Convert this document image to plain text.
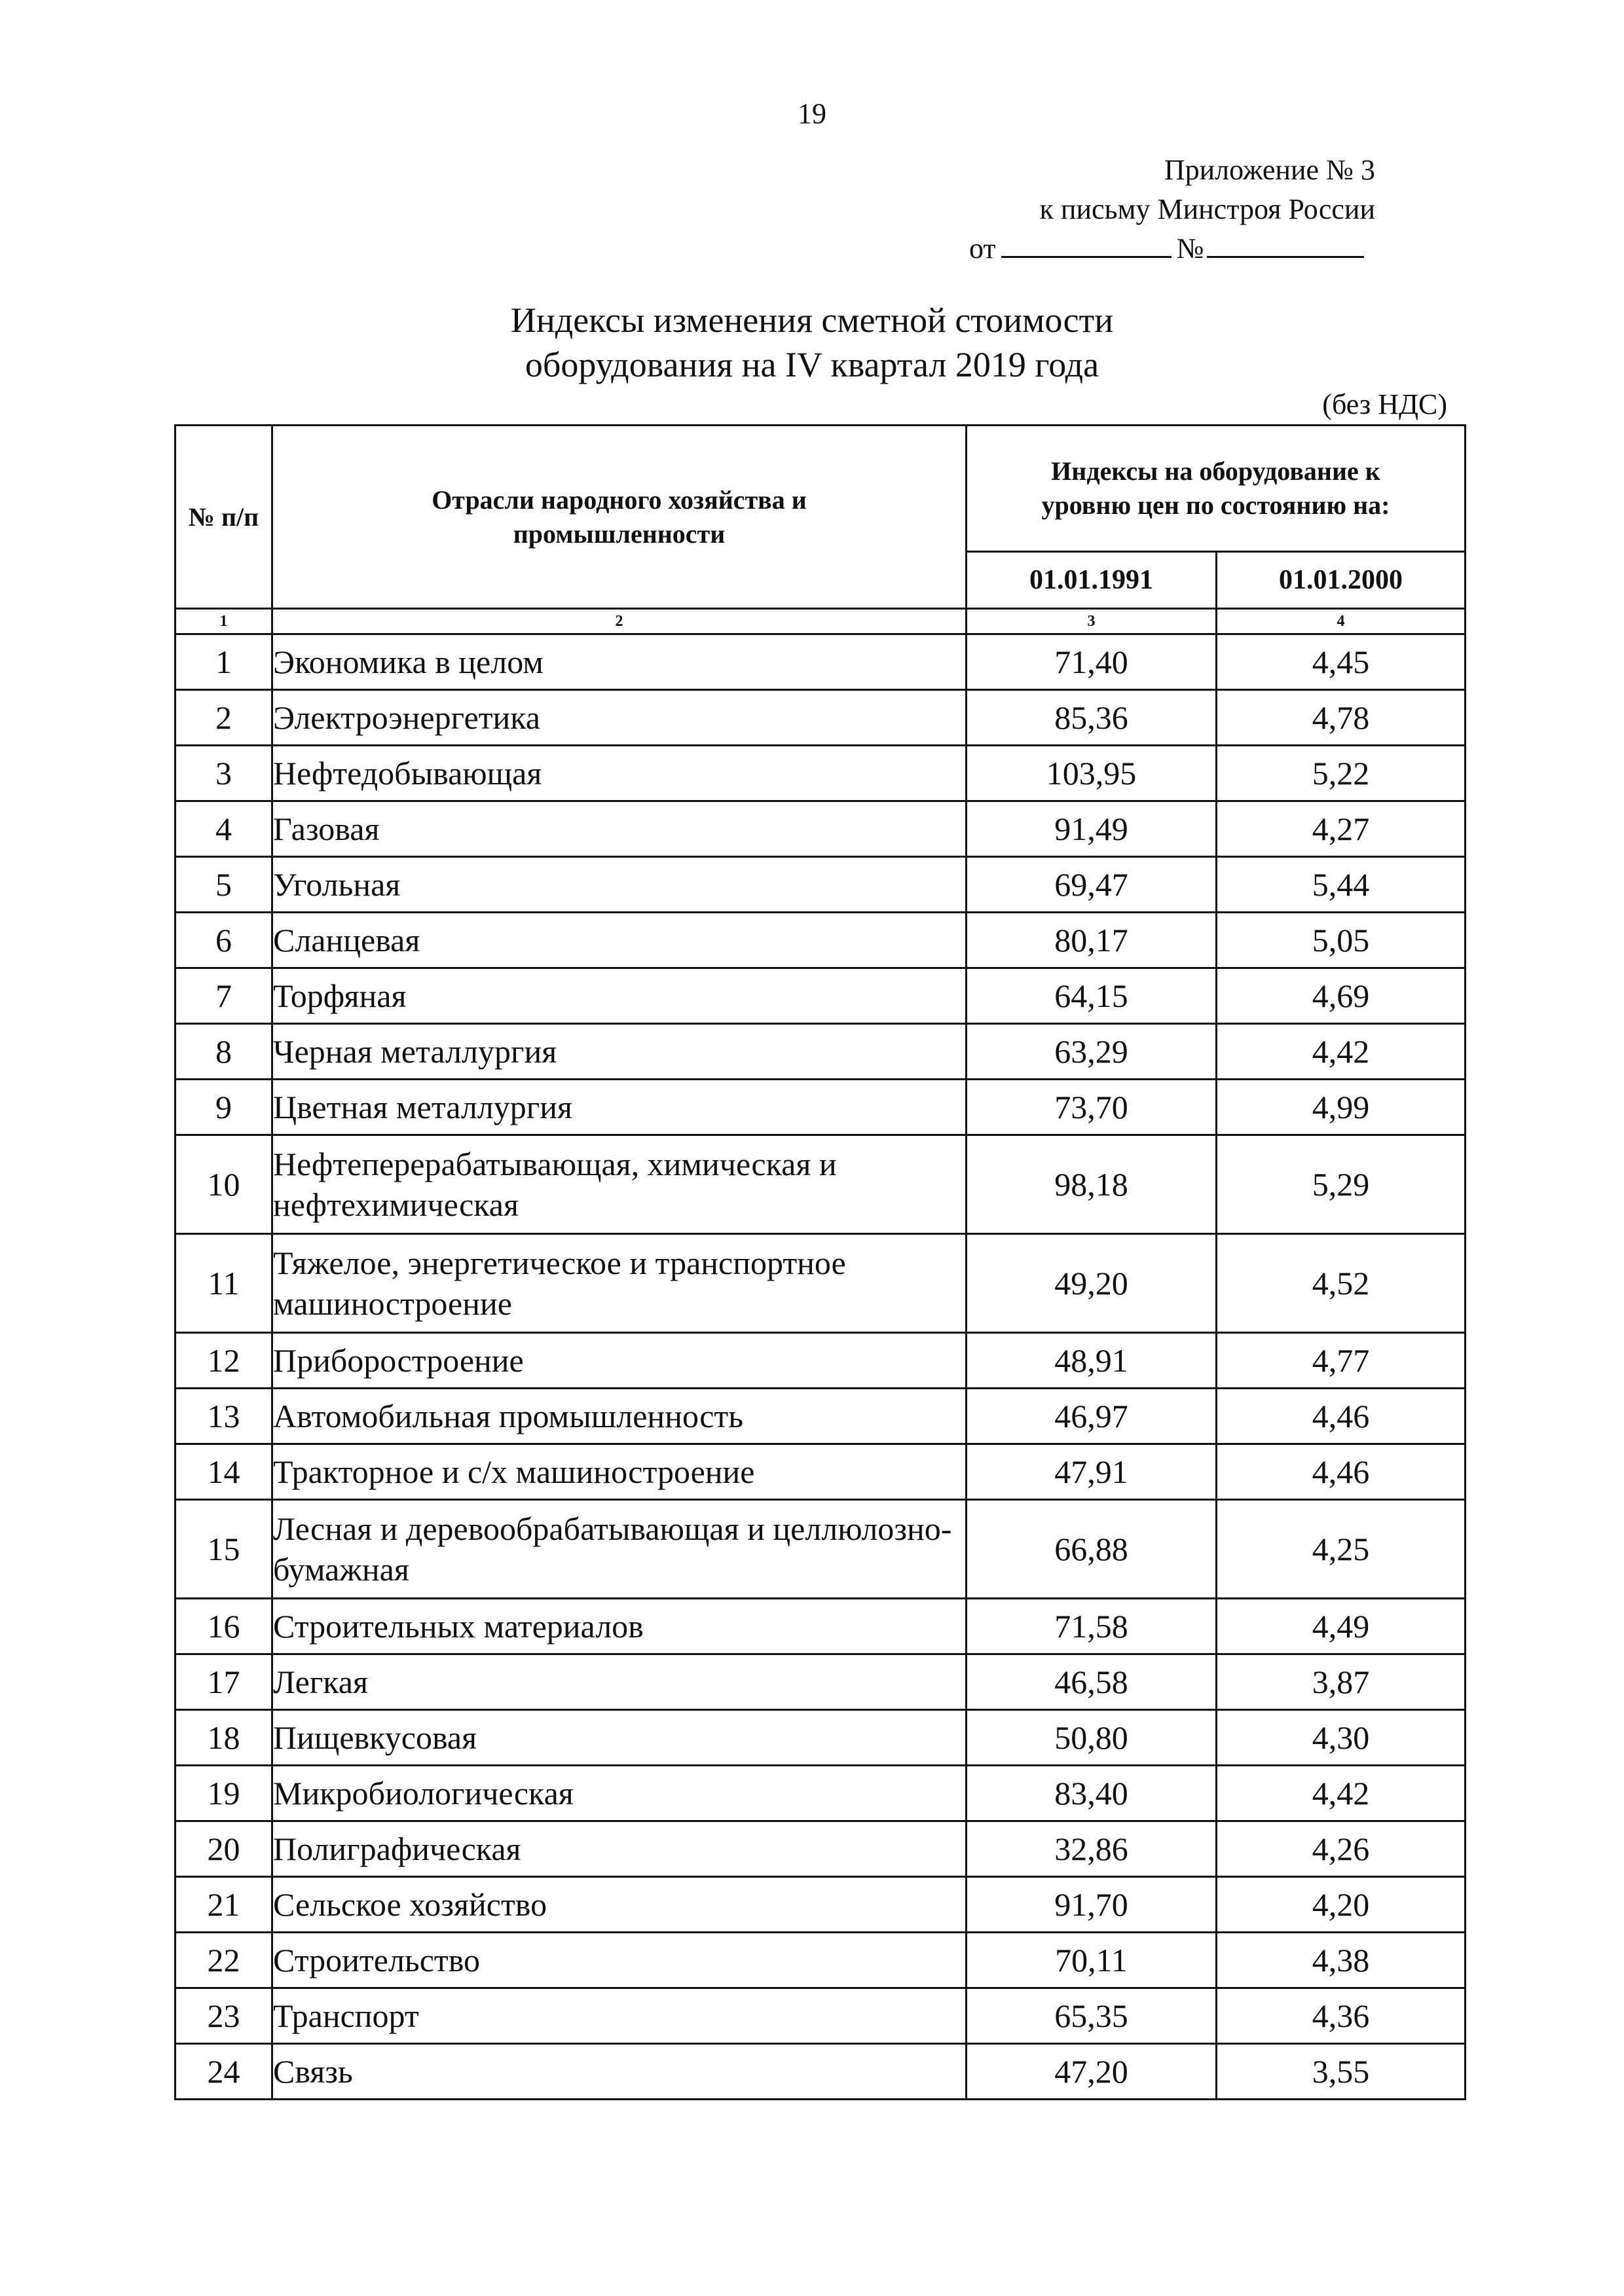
19
Приложение № 3
к письму Минстроя России
от	№
Индексы изменения сметной стоимости
оборудования на IV квартал 2019 года
(без НДС)
№ п/п	Отрасли народного хозяйства и промышленности	Индексы на оборудование к уровню цен по состоянию на:	
		01.01.1991	01.01.2000
1	2	3	4
1	Экономика в целом	71,40	4,45
2	Электроэнергетика	85,36	4,78
3	Нефтедобывающая	103,95	5,22
4	Газовая	91,49	4,27
5	Угольная	69,47	5,44
6	Сланцевая	80,17	5,05
7	Торфяная	64,15	4,69
8	Черная металлургия	63,29	4,42
9	Цветная металлургия	73,70	4,99
10	Нефтеперерабатывающая, химическая и нефтехимическая	98,18	5,29
11	Тяжелое, энергетическое и транспортное машиностроение	49,20	4,52
12	Приборостроение	48,91	4,77
13	Автомобильная промышленность	46,97	4,46
14	Тракторное и с/х машиностроение	47,91	4,46
15	Лесная и деревообрабатывающая и целлюлозно-бумажная	66,88	4,25
16	Строительных материалов	71,58	4,49
17	Легкая	46,58	3,87
18	Пищевкусовая	50,80	4,30
19	Микробиологическая	83,40	4,42
20	Полиграфическая	32,86	4,26
21	Сельское хозяйство	91,70	4,20
22	Строительство	70,11	4,38
23	Транспорт	65,35	4,36
24	Связь	47,20	3,55
